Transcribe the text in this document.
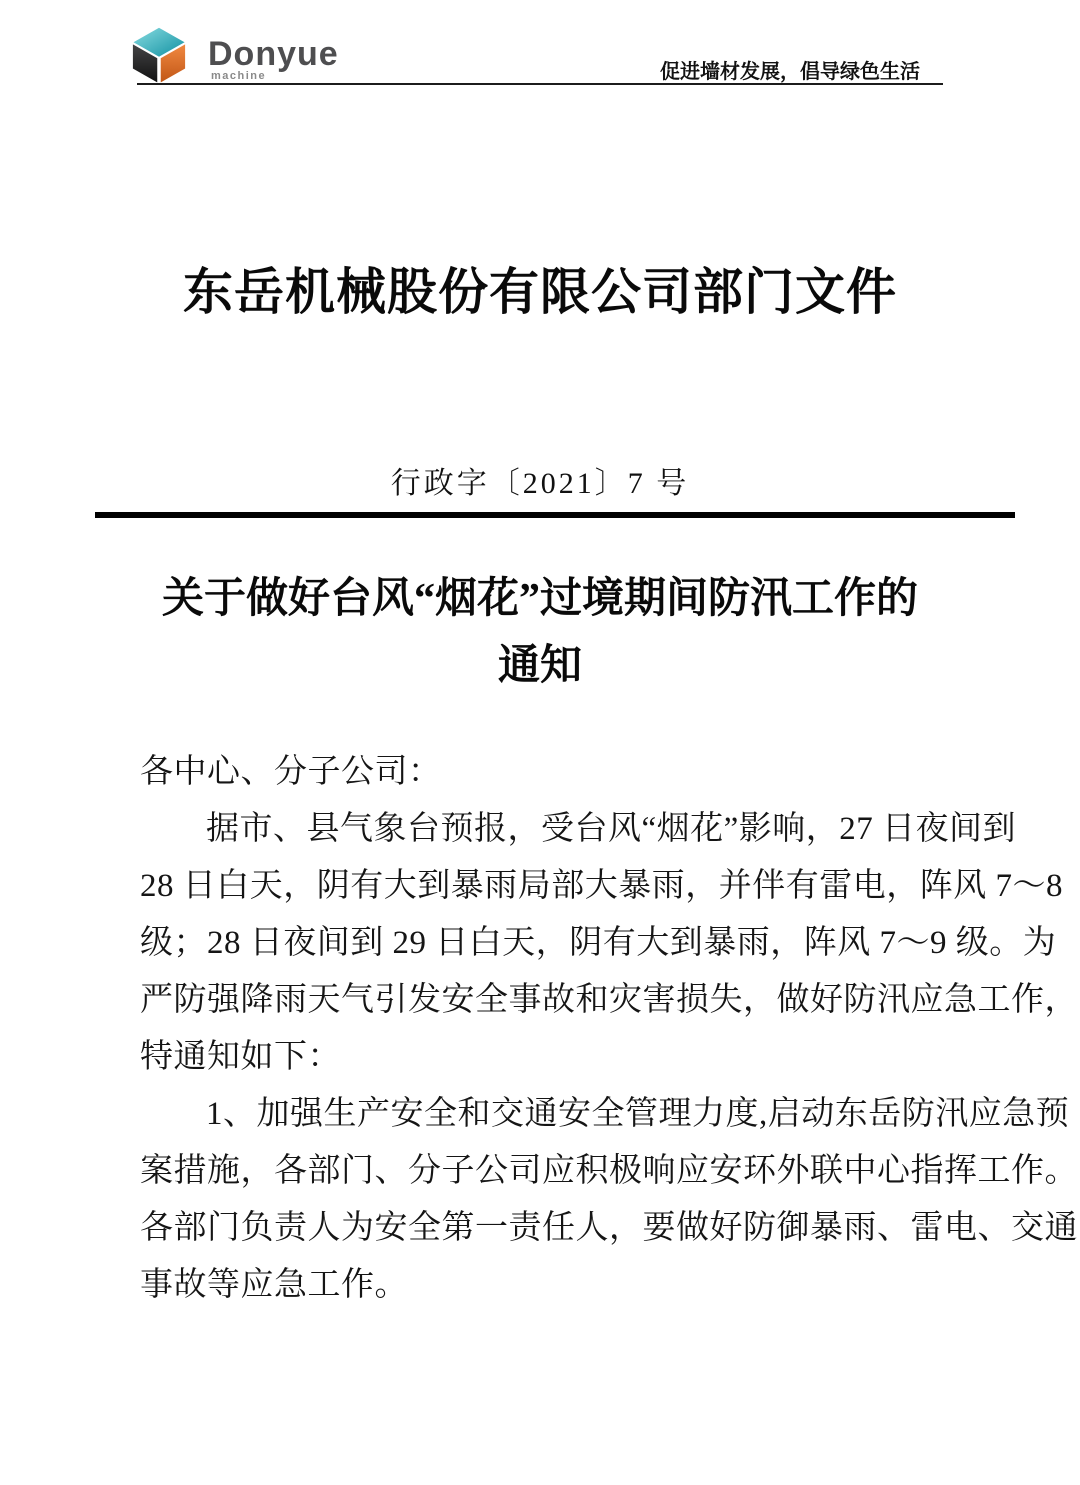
Donyue
machine	促进墙材发展，倡导绿色生活
东岳机械股份有限公司部门文件
行政字〔2021〕7 号
关于做好台风“烟花”过境期间防汛工作的
通知
各中心、分子公司：
据市、县气象台预报，受台风“烟花”影响，27 日夜间到
28 日白天，阴有大到暴雨局部大暴雨，并伴有雷电，阵风 7～8
级；28 日夜间到 29 日白天，阴有大到暴雨，阵风 7～9 级。为
严防强降雨天气引发安全事故和灾害损失，做好防汛应急工作，
特通知如下：
1、加强生产安全和交通安全管理力度,启动东岳防汛应急预
案措施，各部门、分子公司应积极响应安环外联中心指挥工作。
各部门负责人为安全第一责任人，要做好防御暴雨、雷电、交通
事故等应急工作。
